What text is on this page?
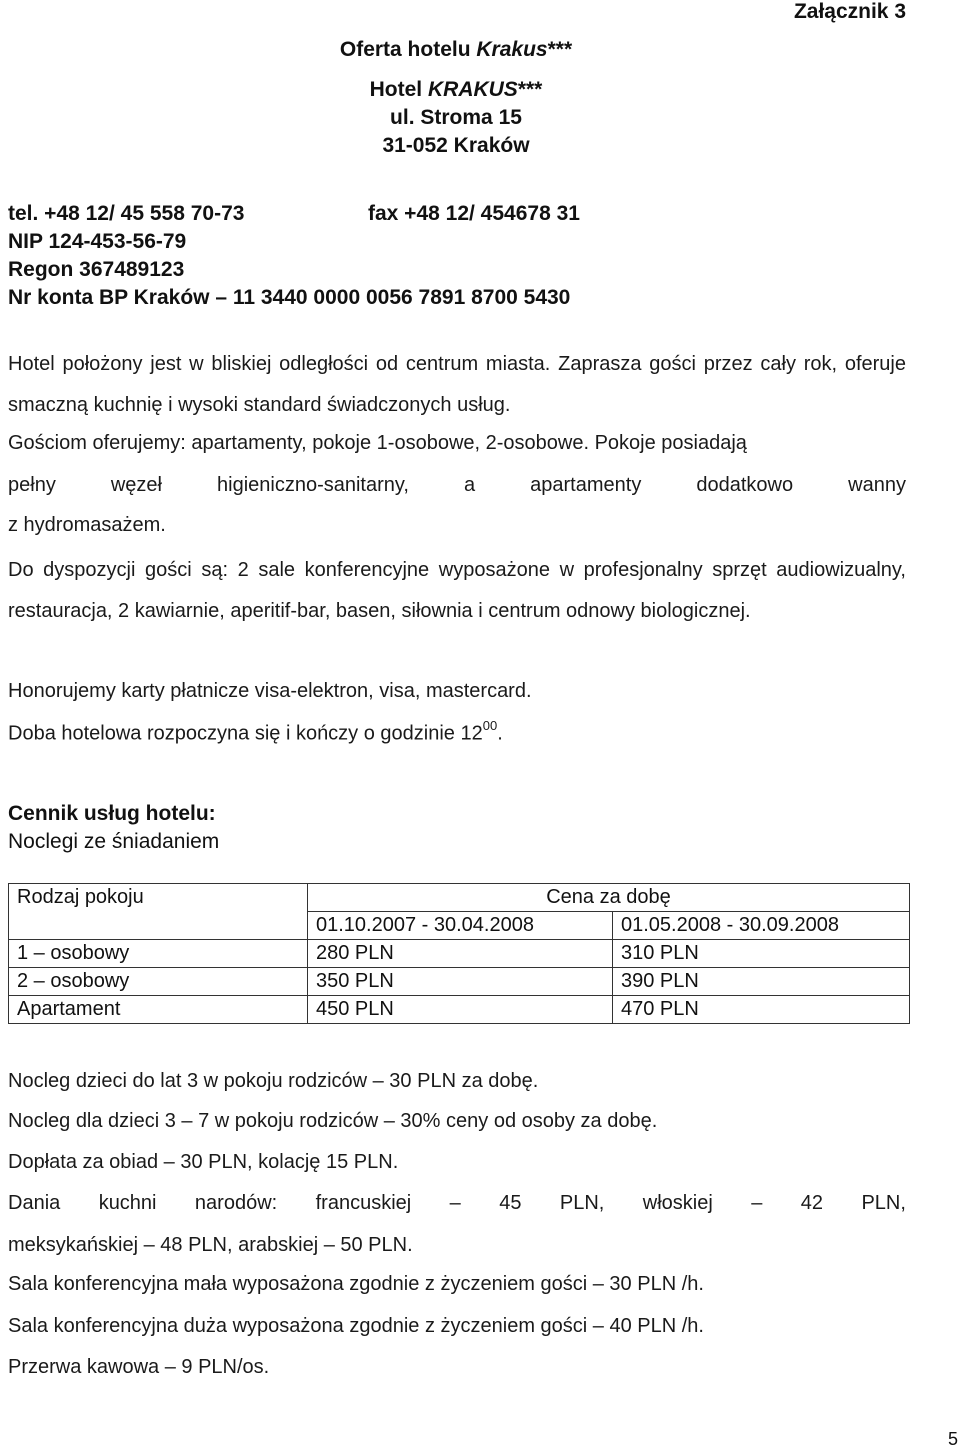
Załącznik 3
Oferta hotelu Krakus***
Hotel KRAKUS***
ul. Stroma 15
31-052 Kraków
tel. +48 12/ 45 558 70-73	fax +48 12/ 454678 31
NIP 124-453-56-79
Regon 367489123
Nr konta BP Kraków – 11 3440 0000 0056 7891 8700 5430
Hotel położony jest w bliskiej odległości od centrum miasta. Zaprasza gości przez cały rok, oferuje smaczną kuchnię i wysoki standard świadczonych usług.
Gościom oferujemy: apartamenty, pokoje 1-osobowe, 2-osobowe. Pokoje posiadają
pełny	węzeł	higieniczno-sanitarny,	a	apartamenty	dodatkowo	wanny
z hydromasażem.
Do dyspozycji gości są: 2 sale konferencyjne wyposażone w profesjonalny sprzęt audiowizualny, restauracja, 2 kawiarnie, aperitif-bar, basen, siłownia i centrum odnowy biologicznej.
Honorujemy karty płatnicze visa-elektron, visa, mastercard.
Doba hotelowa rozpoczyna się i kończy o godzinie $12^{00}$.
Cennik usług hotelu:
Noclegi ze śniadaniem
Rodzaj pokoju	Cena za dobę	
	01.10.2007 - 30.04.2008	01.05.2008 - 30.09.2008
1 – osobowy	280 PLN	310 PLN
2 – osobowy	350 PLN	390 PLN
Apartament	450 PLN	470 PLN
Nocleg dzieci do lat 3 w pokoju rodziców – 30 PLN za dobę.
Nocleg dla dzieci 3 – 7 w pokoju rodziców – 30% ceny od osoby za dobę.
Dopłata za obiad – 30 PLN, kolację 15 PLN.
Dania kuchni narodów: francuskiej – 45 PLN, włoskiej – 42 PLN,
meksykańskiej – 48 PLN, arabskiej – 50 PLN.
Sala konferencyjna mała wyposażona zgodnie z życzeniem gości – 30 PLN /h.
Sala konferencyjna duża wyposażona zgodnie z życzeniem gości – 40 PLN /h.
Przerwa kawowa – 9 PLN/os.
5
